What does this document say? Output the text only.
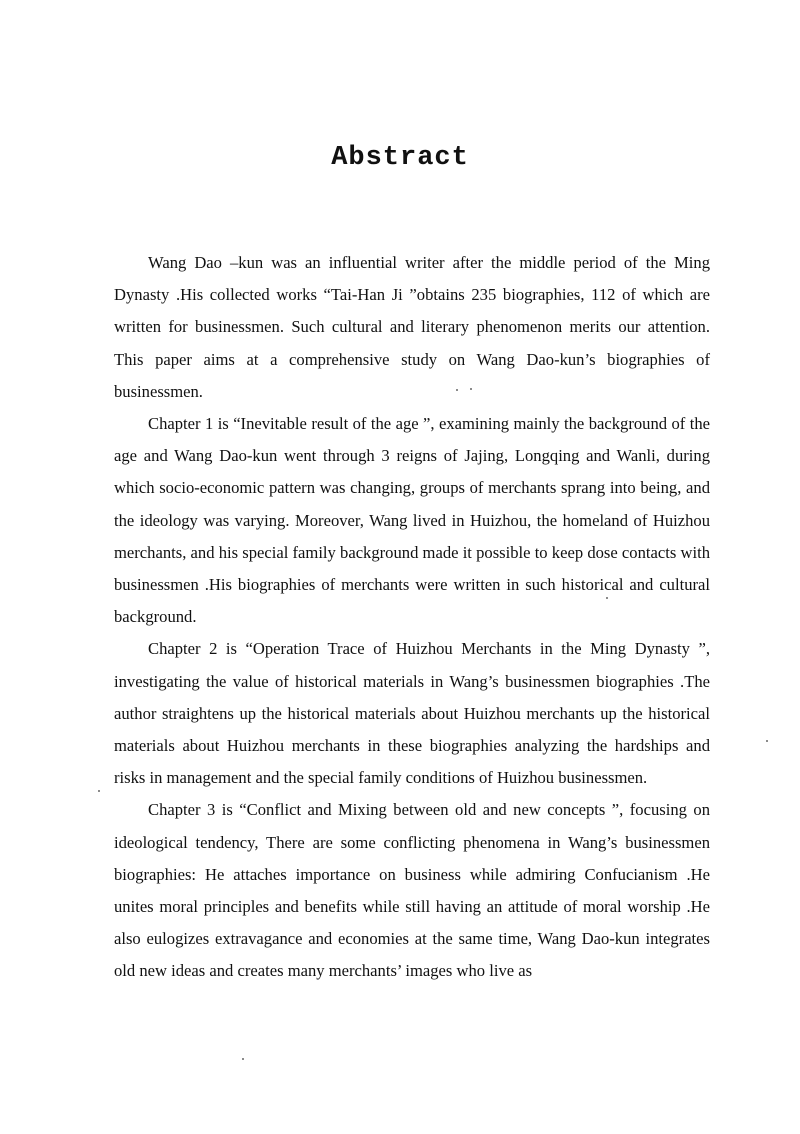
Abstract

Wang Dao –kun was an influential writer after the middle period of the Ming Dynasty .His collected works “Tai-Han Ji ”obtains 235 biographies, 112 of which are written for businessmen. Such cultural and literary phenomenon merits our attention. This paper aims at a comprehensive study on Wang Dao-kun’s biographies of businessmen.

Chapter 1 is “Inevitable result of the age ”, examining mainly the background of the age and Wang Dao-kun went through 3 reigns of Jajing, Longqing and Wanli, during which socio-economic pattern was changing, groups of merchants sprang into being, and the ideology was varying. Moreover, Wang lived in Huizhou, the homeland of Huizhou merchants, and his special family background made it possible to keep dose contacts with businessmen .His biographies of merchants were written in such historical and cultural background.

Chapter 2 is “Operation Trace of Huizhou Merchants in the Ming Dynasty ”, investigating the value of historical materials in Wang’s businessmen biographies .The author straightens up the historical materials about Huizhou merchants up the historical materials about Huizhou merchants in these biographies analyzing the hardships and risks in management and the special family conditions of Huizhou businessmen.

Chapter 3 is “Conflict and Mixing between old and new concepts ”, focusing on ideological tendency, There are some conflicting phenomena in Wang’s businessmen biographies: He attaches importance on business while admiring Confucianism .He unites moral principles and benefits while still having an attitude of moral worship .He also eulogizes extravagance and economies at the same time, Wang Dao-kun integrates old new ideas and creates many merchants’ images who live as
